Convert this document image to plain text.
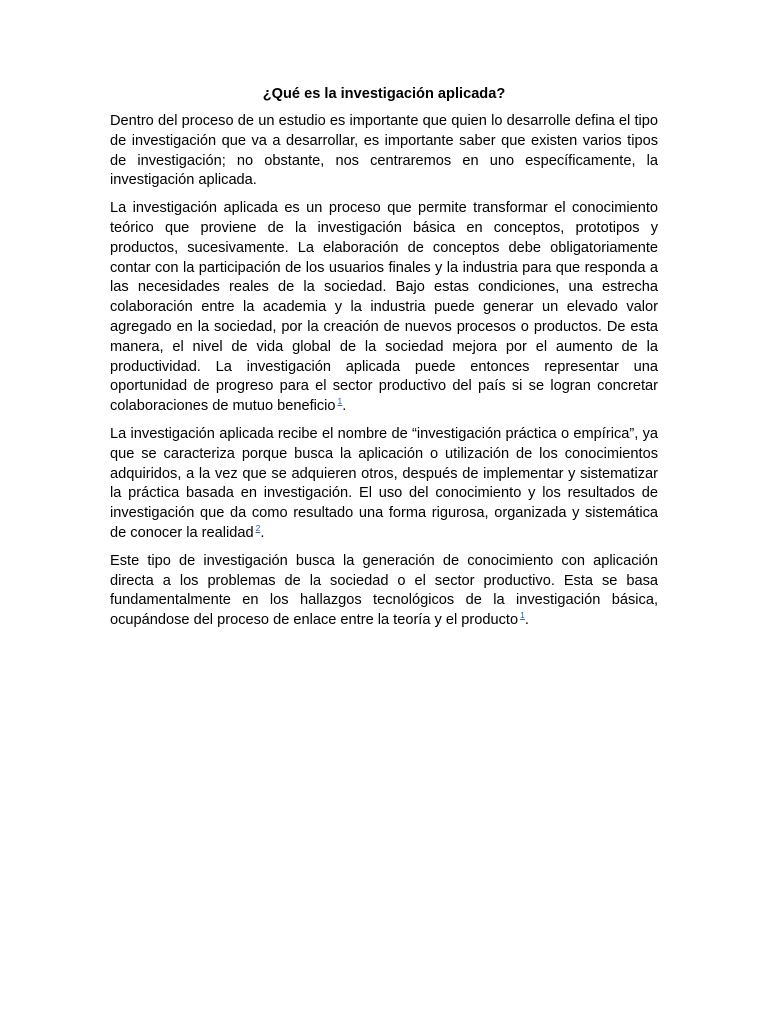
¿Qué es la investigación aplicada?

Dentro del proceso de un estudio es importante que quien lo desarrolle defina el tipo de investigación que va a desarrollar, es importante saber que existen varios tipos de investigación; no obstante, nos centraremos en uno específicamente, la investigación aplicada.

La investigación aplicada es un proceso que permite transformar el conocimiento teórico que proviene de la investigación básica en conceptos, prototipos y productos, sucesivamente. La elaboración de conceptos debe obligatoriamente contar con la participación de los usuarios finales y la industria para que responda a las necesidades reales de la sociedad. Bajo estas condiciones, una estrecha colaboración entre la academia y la industria puede generar un elevado valor agregado en la sociedad, por la creación de nuevos procesos o productos. De esta manera, el nivel de vida global de la sociedad mejora por el aumento de la productividad. La investigación aplicada puede entonces representar una oportunidad de progreso para el sector productivo del país si se logran concretar colaboraciones de mutuo beneficio $^1$.

La investigación aplicada recibe el nombre de “investigación práctica o empírica”, ya que se caracteriza porque busca la aplicación o utilización de los conocimientos adquiridos, a la vez que se adquieren otros, después de implementar y sistematizar la práctica basada en investigación. El uso del conocimiento y los resultados de investigación que da como resultado una forma rigurosa, organizada y sistemática de conocer la realidad $^2$.

Este tipo de investigación busca la generación de conocimiento con aplicación directa a los problemas de la sociedad o el sector productivo. Esta se basa fundamentalmente en los hallazgos tecnológicos de la investigación básica, ocupándose del proceso de enlace entre la teoría y el producto $^1$.
